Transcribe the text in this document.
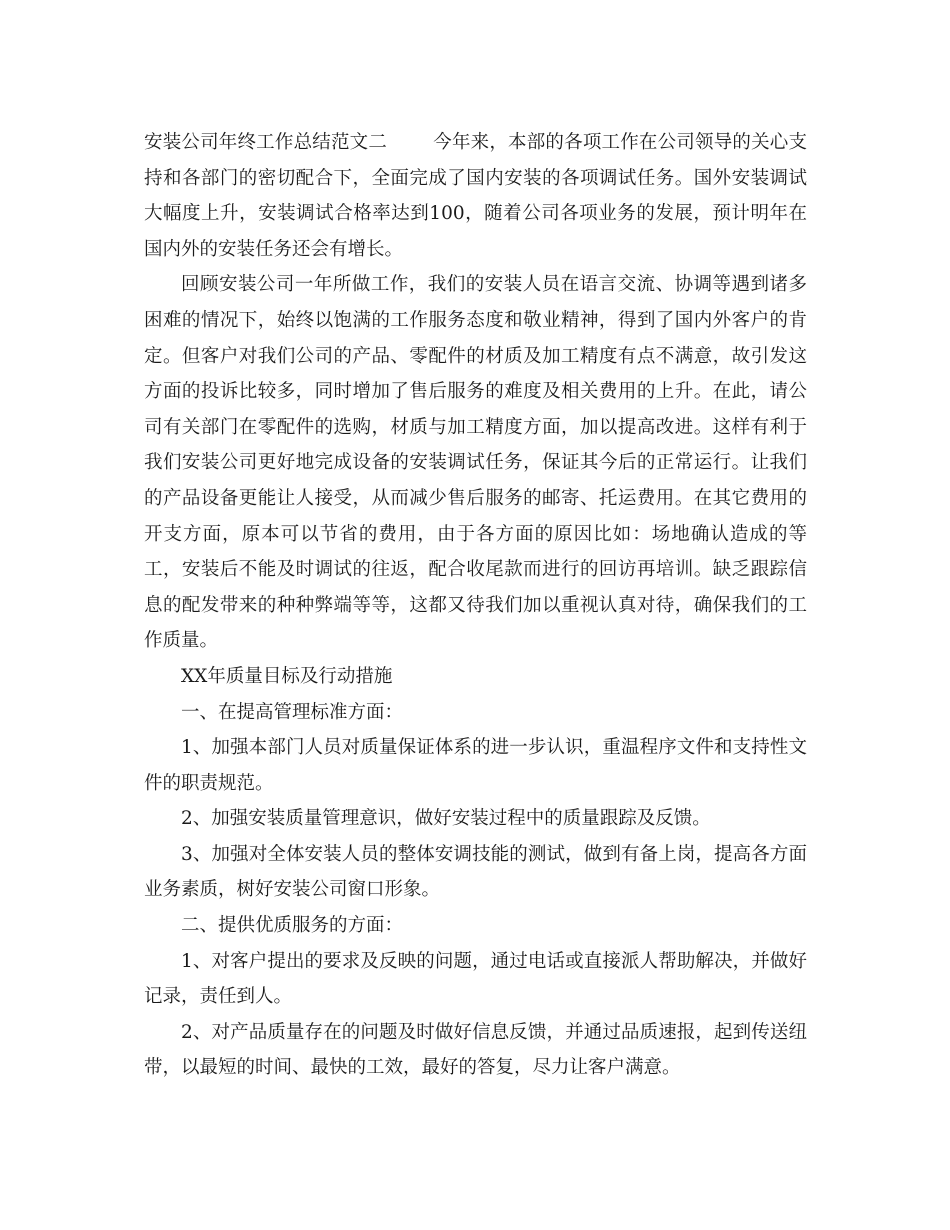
安装公司年终工作总结范文二 今年来，本部的各项工作在公司领导的关心支持和各部门的密切配合下，全面完成了国内安装的各项调试任务。国外安装调试大幅度上升，安装调试合格率达到100，随着公司各项业务的发展，预计明年在国内外的安装任务还会有增长。

回顾安装公司一年所做工作，我们的安装人员在语言交流、协调等遇到诸多困难的情况下，始终以饱满的工作服务态度和敬业精神，得到了国内外客户的肯定。但客户对我们公司的产品、零配件的材质及加工精度有点不满意，故引发这方面的投诉比较多，同时增加了售后服务的难度及相关费用的上升。在此，请公司有关部门在零配件的选购，材质与加工精度方面，加以提高改进。这样有利于我们安装公司更好地完成设备的安装调试任务，保证其今后的正常运行。让我们的产品设备更能让人接受，从而减少售后服务的邮寄、托运费用。在其它费用的开支方面，原本可以节省的费用，由于各方面的原因比如：场地确认造成的等工，安装后不能及时调试的往返，配合收尾款而进行的回访再培训。缺乏跟踪信息的配发带来的种种弊端等等，这都又待我们加以重视认真对待，确保我们的工作质量。

XX年质量目标及行动措施

一、在提高管理标准方面：

1、加强本部门人员对质量保证体系的进一步认识，重温程序文件和支持性文件的职责规范。

2、加强安装质量管理意识，做好安装过程中的质量跟踪及反馈。

3、加强对全体安装人员的整体安调技能的测试，做到有备上岗，提高各方面业务素质，树好安装公司窗口形象。

二、提供优质服务的方面：

1、对客户提出的要求及反映的问题，通过电话或直接派人帮助解决，并做好记录，责任到人。

2、对产品质量存在的问题及时做好信息反馈，并通过品质速报，起到传送纽带，以最短的时间、最快的工效，最好的答复，尽力让客户满意。
